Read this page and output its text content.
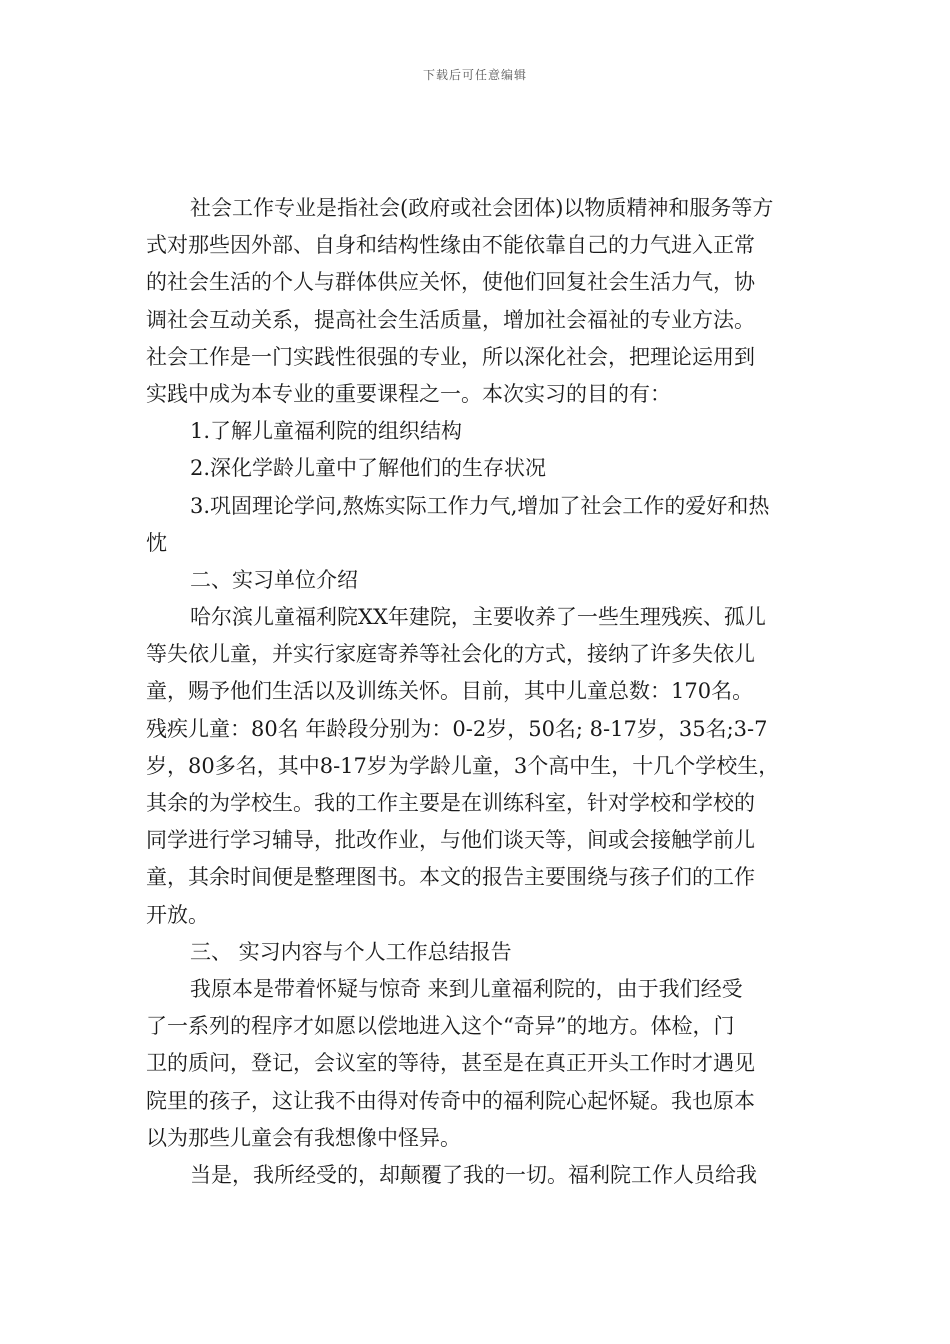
下载后可任意编辑
社会工作专业是指社会(政府或社会团体)以物质精神和服务等方
式对那些因外部、自身和结构性缘由不能依靠自己的力气进入正常
的社会生活的个人与群体供应关怀，使他们回复社会生活力气，协
调社会互动关系，提高社会生活质量，增加社会福祉的专业方法。
社会工作是一门实践性很强的专业，所以深化社会，把理论运用到
实践中成为本专业的重要课程之一。本次实习的目的有：
1.了解儿童福利院的组织结构
2.深化学龄儿童中了解他们的生存状况
3.巩固理论学问,熬炼实际工作力气,增加了社会工作的爱好和热
忱
二、实习单位介绍
哈尔滨儿童福利院XX年建院，主要收养了一些生理残疾、孤儿
等失依儿童，并实行家庭寄养等社会化的方式，接纳了许多失依儿
童，赐予他们生活以及训练关怀。目前，其中儿童总数：170名。
残疾儿童：80名 年龄段分别为：0-2岁，50名; 8-17岁，35名;3-7
岁，80多名，其中8-17岁为学龄儿童，3个高中生，十几个学校生，
其余的为学校生。我的工作主要是在训练科室，针对学校和学校的
同学进行学习辅导，批改作业，与他们谈天等，间或会接触学前儿
童，其余时间便是整理图书。本文的报告主要围绕与孩子们的工作
开放。
三、 实习内容与个人工作总结报告
我原本是带着怀疑与惊奇 来到儿童福利院的，由于我们经受
了一系列的程序才如愿以偿地进入这个“奇异”的地方。体检，门
卫的质问，登记，会议室的等待，甚至是在真正开头工作时才遇见
院里的孩子，这让我不由得对传奇中的福利院心起怀疑。我也原本
以为那些儿童会有我想像中怪异。
当是，我所经受的，却颠覆了我的一切。福利院工作人员给我
